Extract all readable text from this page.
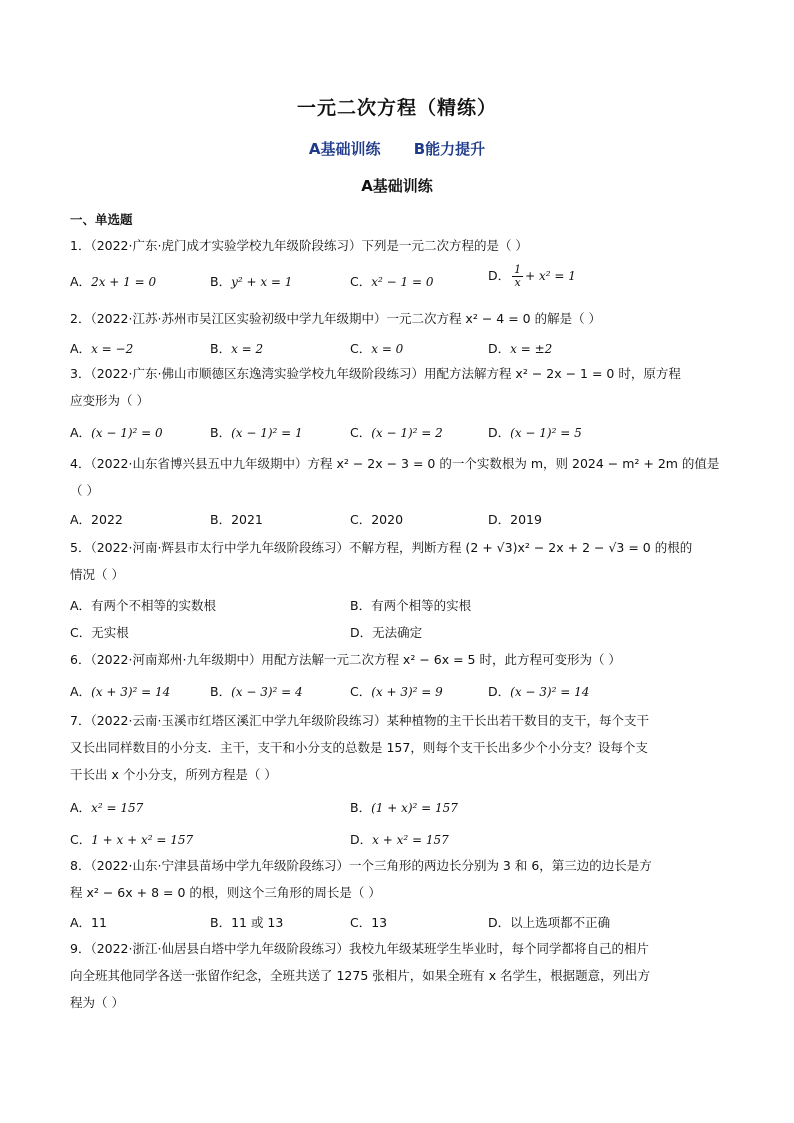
一元二次方程（精练）
A基础训练 B能力提升
A基础训练
一、单选题
1．（2022·广东·虎门成才实验学校九年级阶段练习）下列是一元二次方程的是（ ）
A．2x + 1 = 0	B．y² + x = 1	C．x² − 1 = 0	D． $\frac{1}{x} + x^2 = 1$
2．（2022·江苏·苏州市吴江区实验初级中学九年级期中）一元二次方程 x² − 4 = 0 的解是（ ）
A．x = −2	B．x = 2	C．x = 0	D．x = ±2
3．（2022·广东·佛山市顺德区东逸湾实验学校九年级阶段练习）用配方法解方程 x² − 2x − 1 = 0 时，原方程
应变形为（ ）
A．(x − 1)² = 0	B．(x − 1)² = 1	C．(x − 1)² = 2	D．(x − 1)² = 5
4．（2022·山东省博兴县五中九年级期中）方程 x² − 2x − 3 = 0 的一个实数根为 m，则 2024 − m² + 2m 的值是
（ ）
A．2022	B．2021	C．2020	D．2019
5．（2022·河南·辉县市太行中学九年级阶段练习）不解方程，判断方程 (2 + √3)x² − 2x + 2 − √3 = 0 的根的
情况（ ）
A．有两个不相等的实数根	B．有两个相等的实根
C．无实根	D．无法确定
6．（2022·河南郑州·九年级期中）用配方法解一元二次方程 x² − 6x = 5 时，此方程可变形为（ ）
A．(x + 3)² = 14	B．(x − 3)² = 4	C．(x + 3)² = 9	D．(x − 3)² = 14
7．（2022·云南·玉溪市红塔区溪汇中学九年级阶段练习）某种植物的主干长出若干数目的支干，每个支干
又长出同样数目的小分支．主干，支干和小分支的总数是 157，则每个支干长出多少个小分支？设每个支
干长出 x 个小分支，所列方程是（ ）
A．x² = 157	B．(1 + x)² = 157
C．1 + x + x² = 157	D．x + x² = 157
8．（2022·山东·宁津县苗场中学九年级阶段练习）一个三角形的两边长分别为 3 和 6，第三边的边长是方
程 x² − 6x + 8 = 0 的根，则这个三角形的周长是（ ）
A．11	B．11 或 13	C．13	D．以上选项都不正确
9．（2022·浙江·仙居县白塔中学九年级阶段练习）我校九年级某班学生毕业时，每个同学都将自己的相片
向全班其他同学各送一张留作纪念，全班共送了 1275 张相片，如果全班有 x 名学生，根据题意，列出方
程为（ ）
